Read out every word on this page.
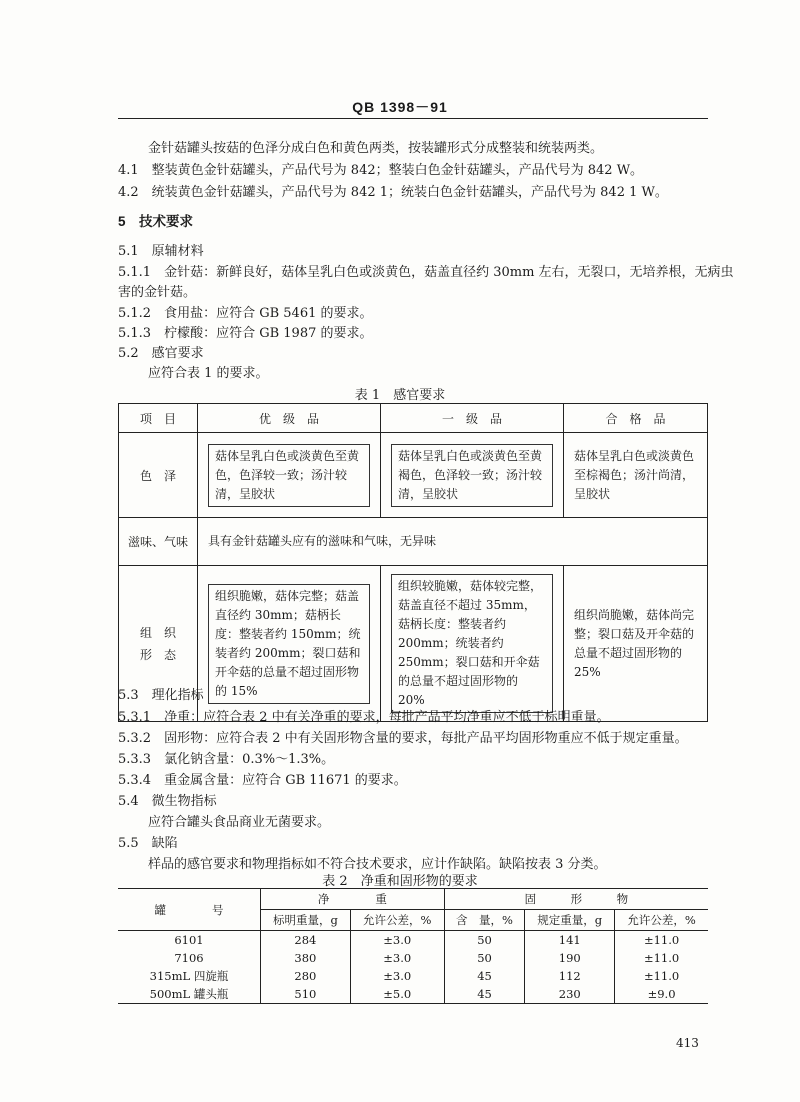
QB 1398－91
金针菇罐头按菇的色泽分成白色和黄色两类，按装罐形式分成整装和统装两类。
4.1　整装黄色金针菇罐头，产品代号为 842；整装白色金针菇罐头，产品代号为 842 W。
4.2　统装黄色金针菇罐头，产品代号为 842 1；统装白色金针菇罐头，产品代号为 842 1 W。
5　技术要求
5.1　原辅材料
5.1.1　金针菇：新鲜良好，菇体呈乳白色或淡黄色，菇盖直径约 30mm 左右，无裂口，无培养根，无病虫
害的金针菇。
5.1.2　食用盐：应符合 GB 5461 的要求。
5.1.3　柠檬酸：应符合 GB 1987 的要求。
5.2　感官要求
应符合表 1 的要求。
表 1　感官要求
项　目	优　级　品	一　级　品	合　格　品
色　泽	菇体呈乳白色或淡黄色至黄色，色泽较一致；汤汁较清，呈胶状	菇体呈乳白色或淡黄色至黄褐色，色泽较一致；汤汁较清，呈胶状	菇体呈乳白色或淡黄色至棕褐色；汤汁尚清，呈胶状

滋味、气味	具有金针菇罐头应有的滋味和气味，无异味		
组　织
形　态	组织脆嫩，菇体完整；菇盖直径约 30mm；菇柄长度：整装者约 150mm；统装者约 200mm；裂口菇和开伞菇的总量不超过固形物的 15%	组织较脆嫩，菇体较完整，菇盖直径不超过 35mm，菇柄长度：整装者约 200mm；统装者约 250mm；裂口菇和开伞菇的总量不超过固形物的 20%	组织尚脆嫩，菇体尚完整；裂口菇及开伞菇的总量不超过固形物的 25%
5.3　理化指标
5.3.1　净重：应符合表 2 中有关净重的要求，每批产品平均净重应不低于标明重量。
5.3.2　固形物：应符合表 2 中有关固形物含量的要求，每批产品平均固形物重应不低于规定重量。
5.3.3　氯化钠含量：0.3%～1.3%。
5.3.4　重金属含量：应符合 GB 11671 的要求。
5.4　微生物指标
应符合罐头食品商业无菌要求。
5.5　缺陷
样品的感官要求和物理指标如不符合技术要求，应计作缺陷。缺陷按表 3 分类。
表 2　净重和固形物的要求
罐　　　　号	净　　　　重		固　　　形　　　物		
	标明重量，g	允许公差，%	含　量，%	规定重量，g	允许公差，%
6101	284	±3.0	50	141	±11.0
7106	380	±3.0	50	190	±11.0
315mL 四旋瓶	280	±3.0	45	112	±11.0
500mL 罐头瓶	510	±5.0	45	230	±9.0
413
